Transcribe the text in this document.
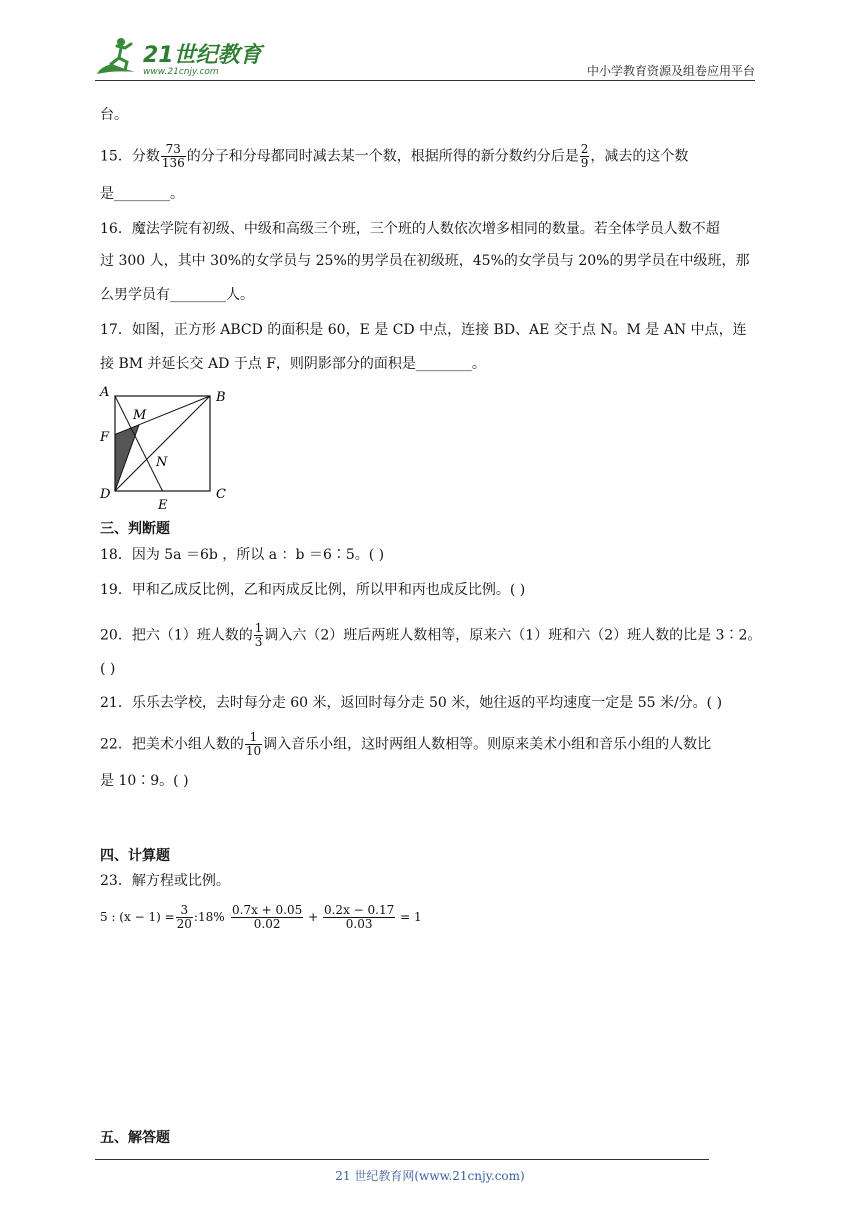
21世纪教育
www.21cnjy.com	中小学教育资源及组卷应用平台
台。
15．分数 $\frac{73}{136}$ 的分子和分母都同时减去某一个数，根据所得的新分数约分后是 $\frac{2}{9}$ ，减去的这个数
是________。
16．魔法学院有初级、中级和高级三个班，三个班的人数依次增多相同的数量。若全体学员人数不超
过 300 人，其中 30%的女学员与 25%的男学员在初级班，45%的女学员与 20%的男学员在中级班，那
么男学员有________人。
17．如图，正方形 ABCD 的面积是 60，E 是 CD 中点，连接 BD、AE 交于点 N。M 是 AN 中点，连
接 BM 并延长交 AD 于点 F，则阴影部分的面积是________。
A	B
C
D
E
F
M
N
三、判断题
18．因为 5a ＝6b ，所以 a ：b ＝6∶5。( )
19．甲和乙成反比例，乙和丙成反比例，所以甲和丙也成反比例。( )
20．把六（1）班人数的 $\frac{1}{3}$ 调入六（2）班后两班人数相等，原来六（1）班和六（2）班人数的比是 3∶2。
( )
21．乐乐去学校，去时每分走 60 米，返回时每分走 50 米，她往返的平均速度一定是 55 米/分。( )
22．把美术小组人数的 $\frac{1}{10}$ 调入音乐小组，这时两组人数相等。则原来美术小组和音乐小组的人数比
是 10∶9。( )
四、计算题
23．解方程或比例。
5 : $(x - 1) = \frac{3}{20}$ :18% $\frac{0.7x + 0.05}{0.02} + \frac{0.2x - 0.17}{0.03} = 1$
五、解答题
21 世纪教育网(www.21cnjy.com)
